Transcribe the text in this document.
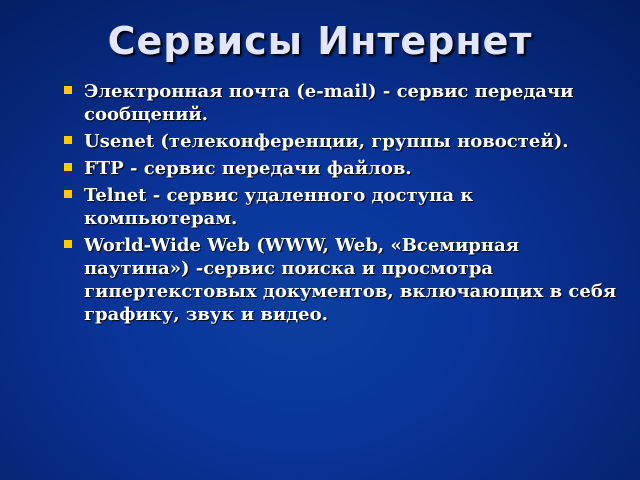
Сервисы Интернет
Электронная почта (e-mail) - сервис передачи сообщений.
Usenet (телеконференции, группы новостей).
FTP - сервис передачи файлов.
Telnet - сервис удаленного доступа к компьютерам.
World-Wide Web (WWW, Web, «Всемирная паутина») -сервис поиска и просмотра гипертекстовых документов, включающих в себя графику, звук и видео.
